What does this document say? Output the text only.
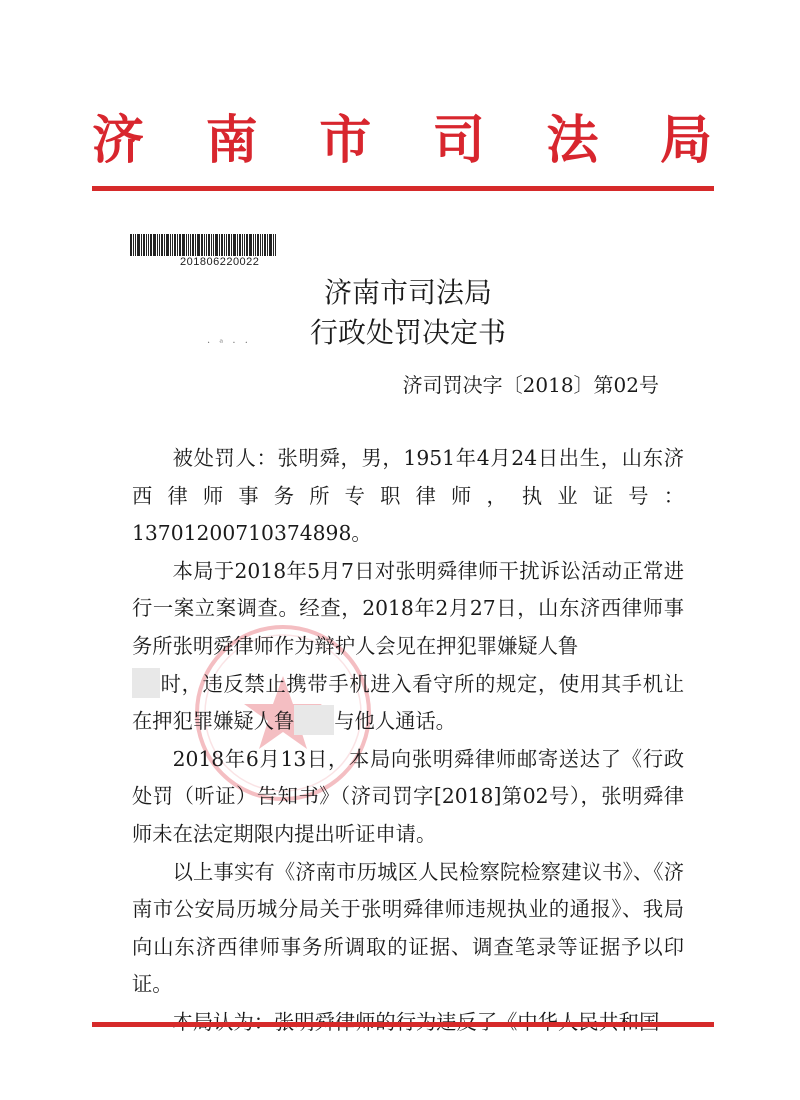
济南市司法局
201806220022
济南市司法局
行政处罚决定书
· ᵃ · ·
济司罚决字〔2018〕第02号

被处罚人：张明舜，男，1951年4月24日出生，山东济西律师事务所专职律师，执业证号：13701200710374898。

本局于2018年5月7日对张明舜律师干扰诉讼活动正常进行一案立案调查。经查，2018年2月27日，山东济西律师事务所张明舜律师作为辩护人会见在押犯罪嫌疑人鲁
时，违反禁止携带手机进入看守所的规定，使用其手机让在押犯罪嫌疑人鲁 与他人通话。

2018年6月13日，本局向张明舜律师邮寄送达了《行政处罚（听证）告知书》（济司罚字[2018]第02号），张明舜律师未在法定期限内提出听证申请。

以上事实有《济南市历城区人民检察院检察建议书》、《济南市公安局历城分局关于张明舜律师违规执业的通报》、我局向山东济西律师事务所调取的证据、调查笔录等证据予以印证。
